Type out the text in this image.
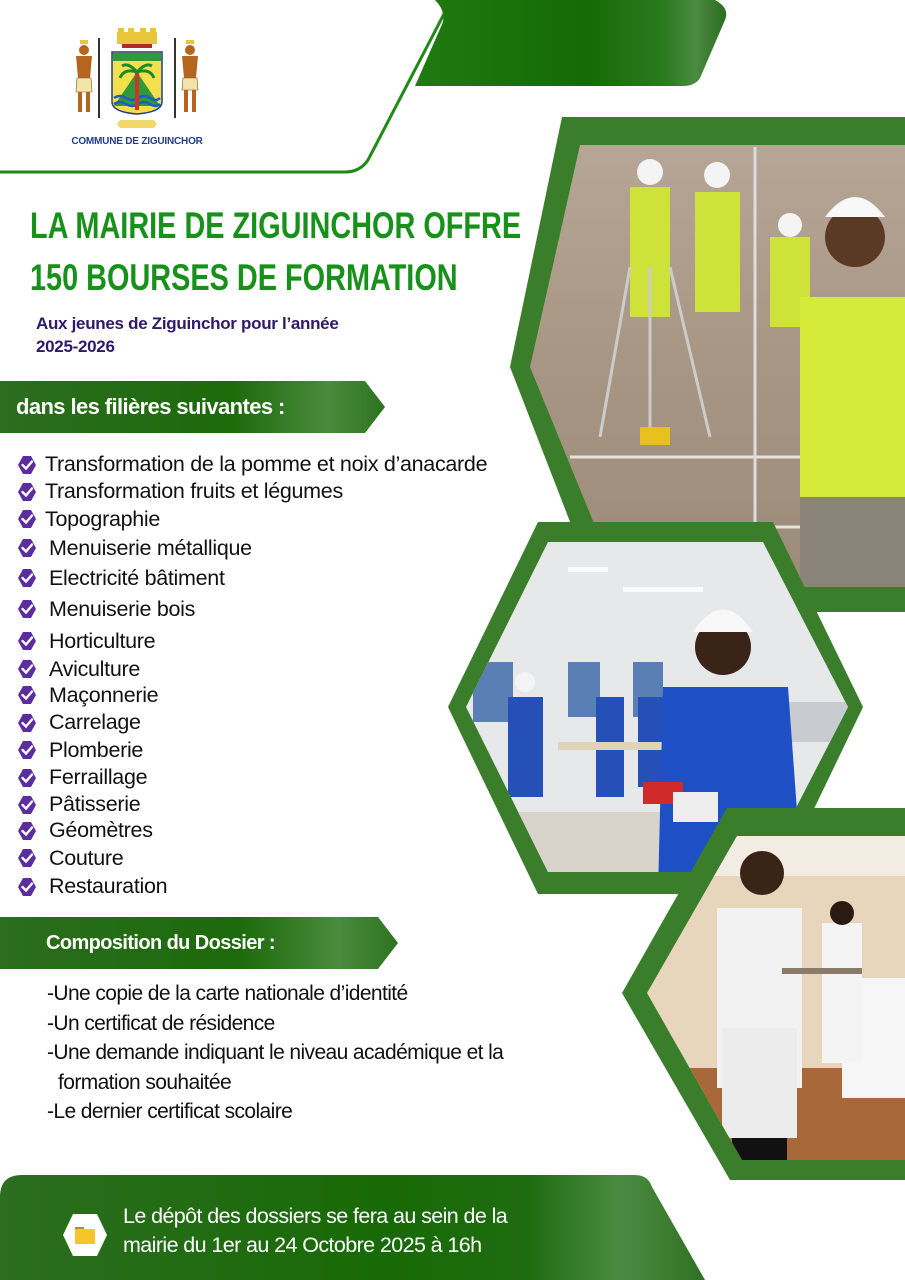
COMMUNE DE ZIGUINCHOR
LA MAIRIE DE ZIGUINCHOR OFFRE
150 BOURSES DE FORMATION
Aux jeunes de Ziguinchor pour l’année
2025-2026
dans les filières suivantes :
Transformation de la pomme et noix d’anacarde
Transformation fruits et légumes
Topographie
Menuiserie métallique
Electricité bâtiment
Menuiserie bois
Horticulture
Aviculture
Maçonnerie
Carrelage
Plomberie
Ferraillage
Pâtisserie
Géomètres
Couture
Restauration
Composition du Dossier :
-Une copie de la carte nationale d’identité
-Un certificat de résidence
-Une demande indiquant le niveau académique et la
formation souhaitée
-Le dernier certificat scolaire
Le dépôt des dossiers se fera au sein de la
mairie du 1er au 24 Octobre 2025 à 16h
